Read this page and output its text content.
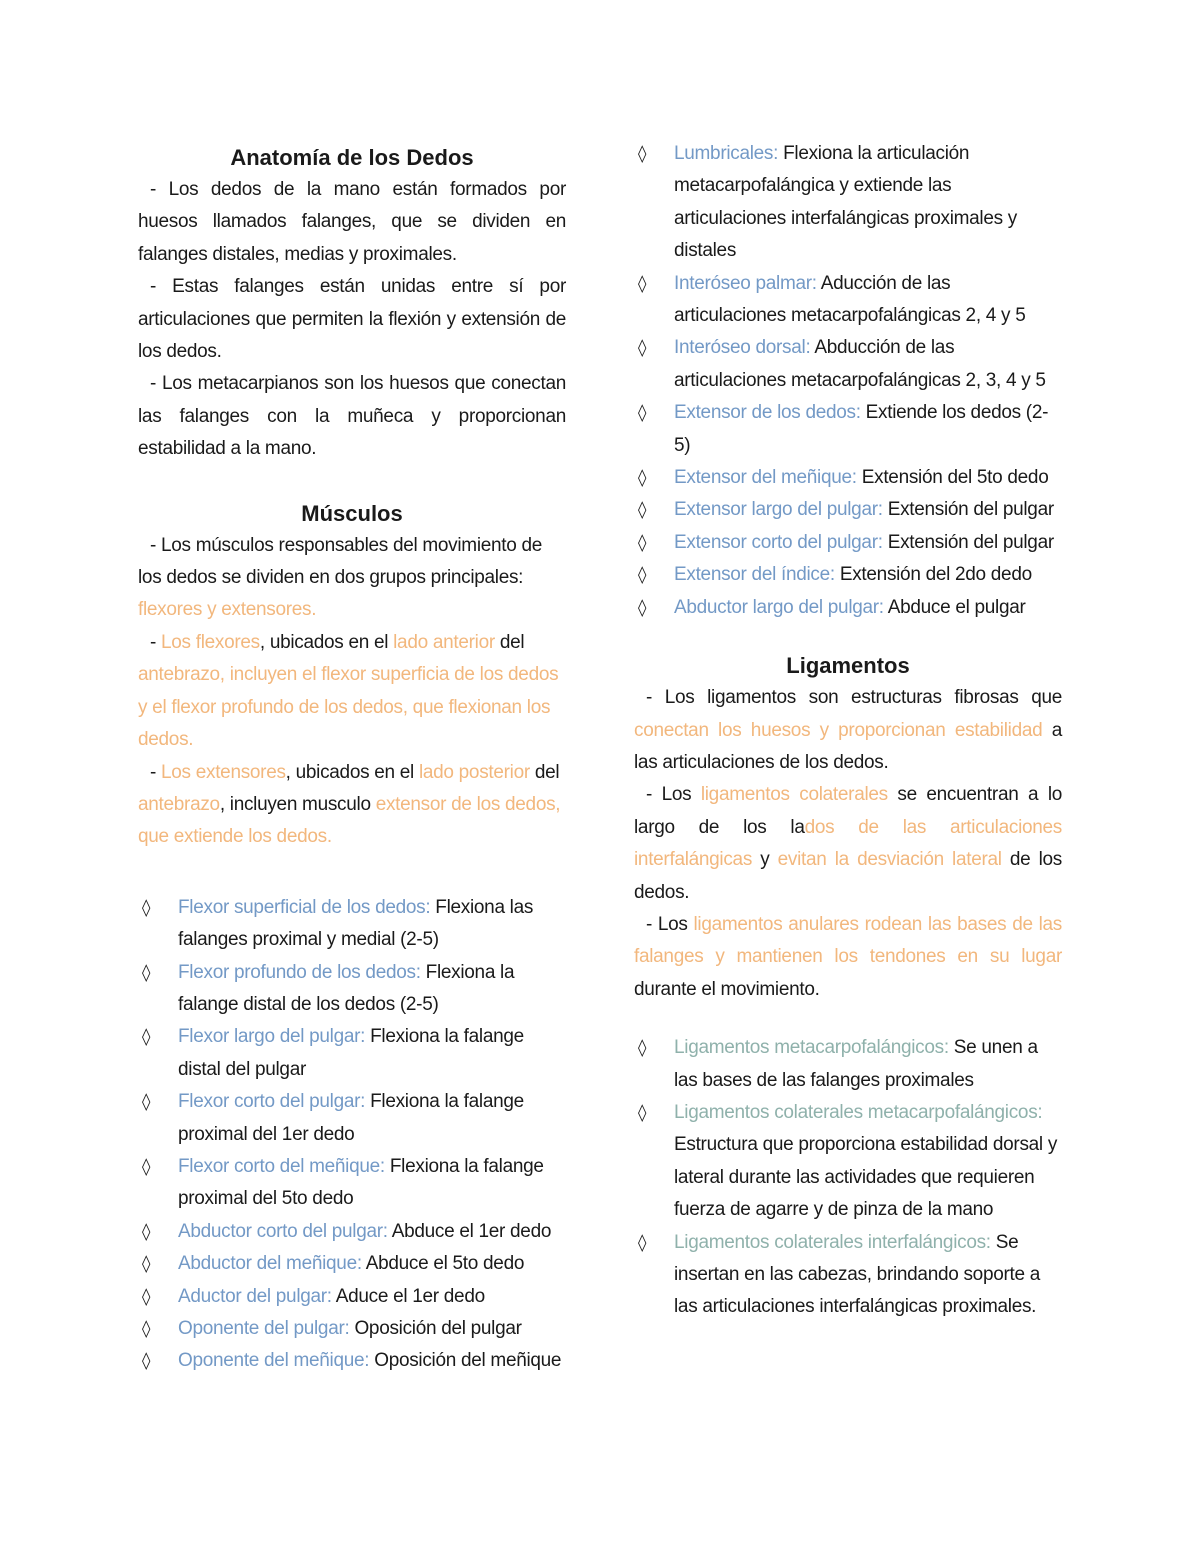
Anatomía de los Dedos
- Los dedos de la mano están formados por huesos llamados falanges, que se dividen en falanges distales, medias y proximales.
- Estas falanges están unidas entre sí por articulaciones que permiten la flexión y extensión de los dedos.
- Los metacarpianos son los huesos que conectan las falanges con la muñeca y proporcionan estabilidad a la mano.
Músculos
- Los músculos responsables del movimiento de los dedos se dividen en dos grupos principales: flexores y extensores.
- Los flexores, ubicados en el lado anterior del antebrazo, incluyen el flexor superficia de los dedos y el flexor profundo de los dedos, que flexionan los dedos.
- Los extensores, ubicados en el lado posterior del antebrazo, incluyen musculo extensor de los dedos, que extiende los dedos.
◊ Flexor superficial de los dedos: Flexiona las falanges proximal y medial (2-5)
◊ Flexor profundo de los dedos: Flexiona la falange distal de los dedos (2-5)
◊ Flexor largo del pulgar: Flexiona la falange distal del pulgar
◊ Flexor corto del pulgar: Flexiona la falange proximal del 1er dedo
◊ Flexor corto del meñique: Flexiona la falange proximal del 5to dedo
◊ Abductor corto del pulgar: Abduce el 1er dedo
◊ Abductor del meñique: Abduce el 5to dedo
◊ Aductor del pulgar: Aduce el 1er dedo
◊ Oponente del pulgar: Oposición del pulgar
◊ Oponente del meñique: Oposición del meñique
◊ Lumbricales: Flexiona la articulación metacarpofalángica y extiende las articulaciones interfalángicas proximales y distales
◊ Interóseo palmar: Aducción de las articulaciones metacarpofalángicas 2, 4 y 5
◊ Interóseo dorsal: Abducción de las articulaciones metacarpofalángicas 2, 3, 4 y 5
◊ Extensor de los dedos: Extiende los dedos (2-5)
◊ Extensor del meñique: Extensión del 5to dedo
◊ Extensor largo del pulgar: Extensión del pulgar
◊ Extensor corto del pulgar: Extensión del pulgar
◊ Extensor del índice: Extensión del 2do dedo
◊ Abductor largo del pulgar: Abduce el pulgar
Ligamentos
- Los ligamentos son estructuras fibrosas que conectan los huesos y proporcionan estabilidad a las articulaciones de los dedos.
- Los ligamentos colaterales se encuentran a lo largo de los lados de las articulaciones interfalángicas y evitan la desviación lateral de los dedos.
- Los ligamentos anulares rodean las bases de las falanges y mantienen los tendones en su lugar durante el movimiento.
◊ Ligamentos metacarpofalángicos: Se unen a las bases de las falanges proximales
◊ Ligamentos colaterales metacarpofalángicos: Estructura que proporciona estabilidad dorsal y lateral durante las actividades que requieren fuerza de agarre y de pinza de la mano
◊ Ligamentos colaterales interfalángicos: Se insertan en las cabezas, brindando soporte a las articulaciones interfalángicas proximales.
